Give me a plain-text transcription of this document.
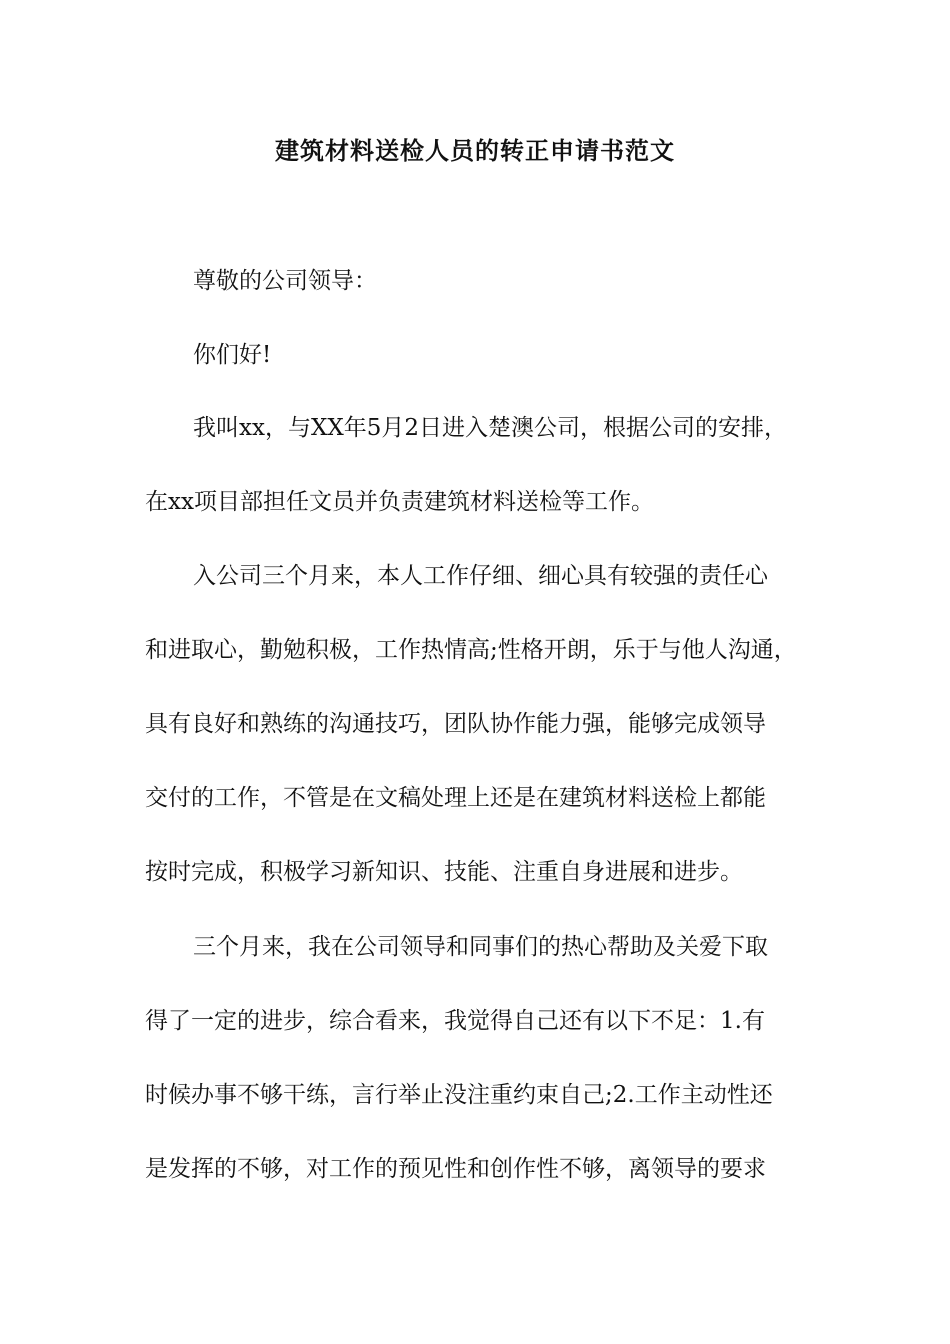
建筑材料送检人员的转正申请书范文

尊敬的公司领导：

你们好!

我叫xx，与XX年5月2日进入楚澳公司，根据公司的安排，

在xx项目部担任文员并负责建筑材料送检等工作。

入公司三个月来，本人工作仔细、细心具有较强的责任心

和进取心，勤勉积极，工作热情高;性格开朗，乐于与他人沟通，

具有良好和熟练的沟通技巧，团队协作能力强，能够完成领导

交付的工作，不管是在文稿处理上还是在建筑材料送检上都能

按时完成，积极学习新知识、技能、注重自身进展和进步。

三个月来，我在公司领导和同事们的热心帮助及关爱下取

得了一定的进步，综合看来，我觉得自己还有以下不足：1.有

时候办事不够干练，言行举止没注重约束自己;2.工作主动性还

是发挥的不够，对工作的预见性和创作性不够，离领导的要求
